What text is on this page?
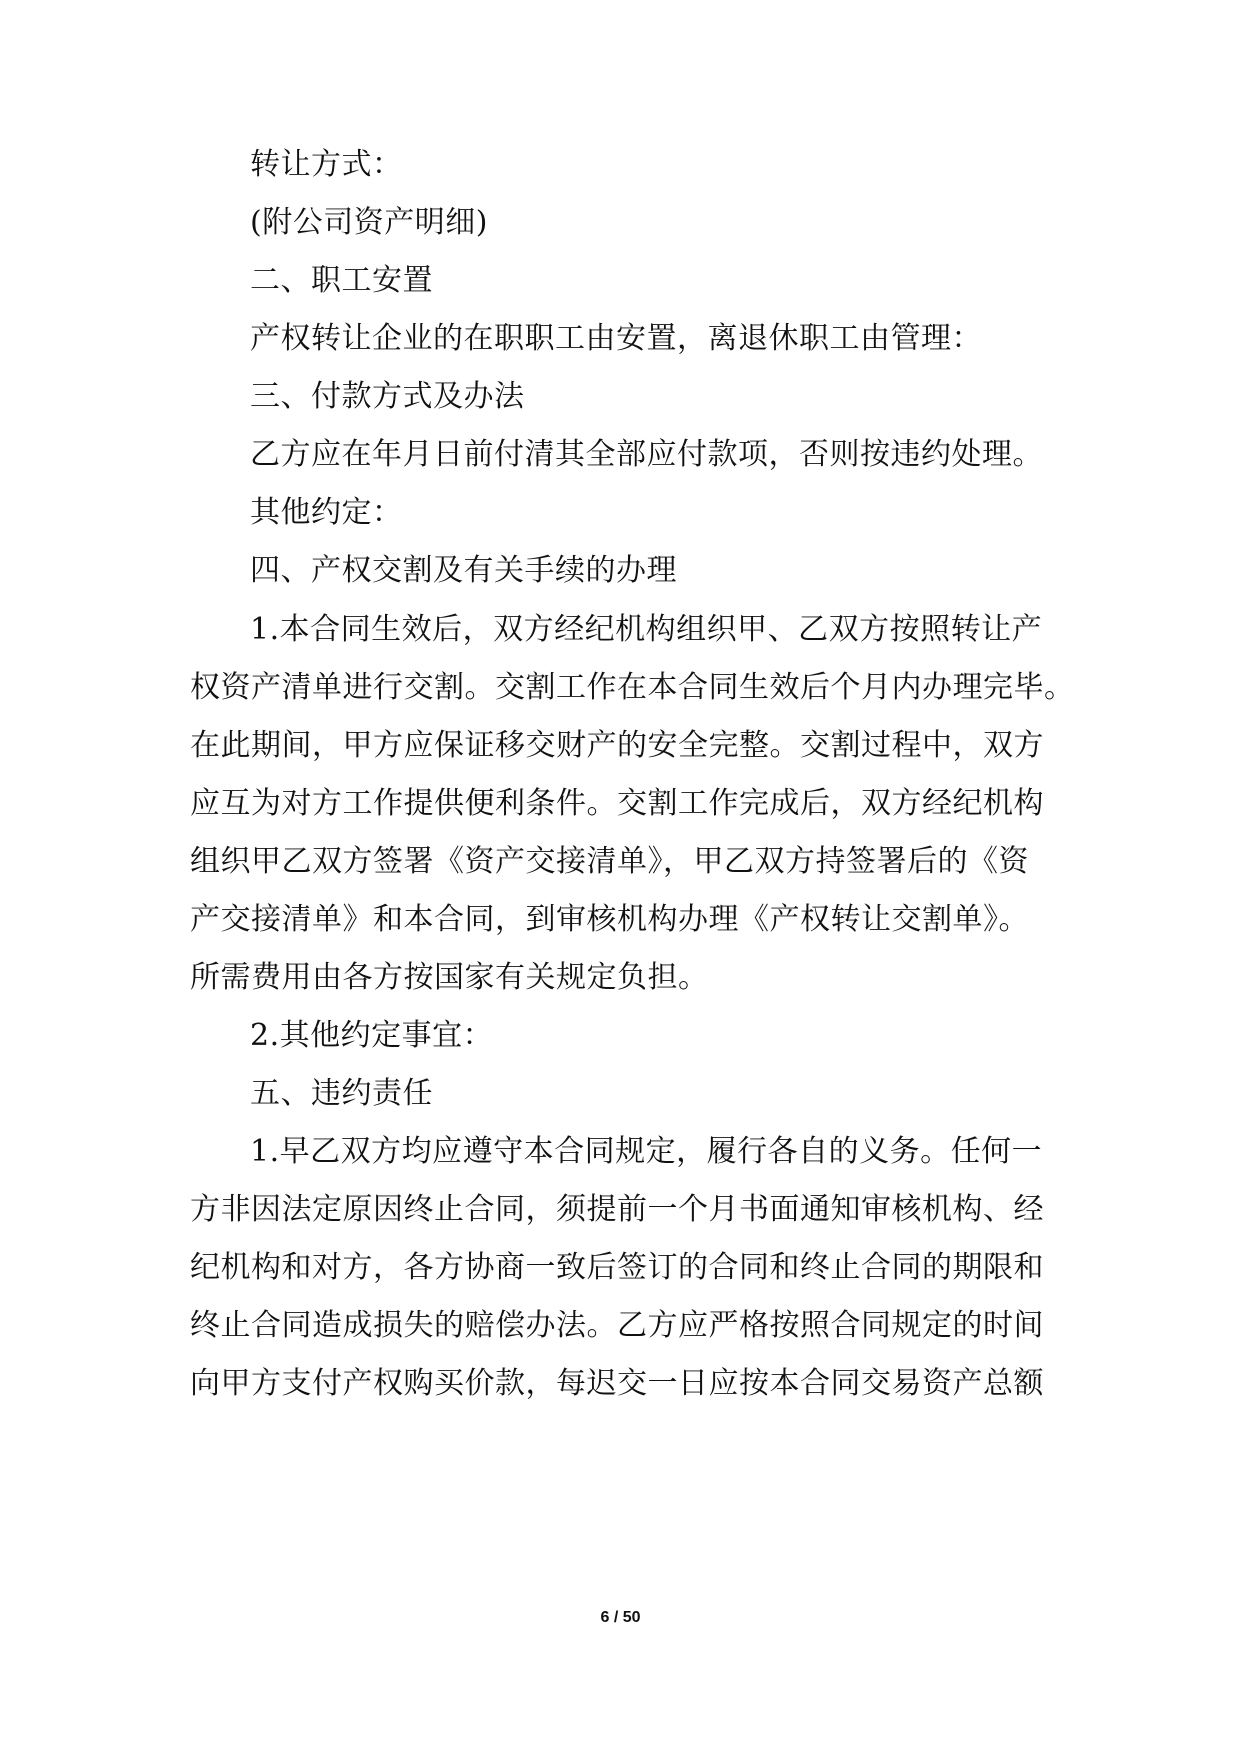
转让方式：
(附公司资产明细)
二、职工安置
产权转让企业的在职职工由安置，离退休职工由管理：
三、付款方式及办法
乙方应在年月日前付清其全部应付款项，否则按违约处理。
其他约定：
四、产权交割及有关手续的办理
1.本合同生效后，双方经纪机构组织甲、乙双方按照转让产
权资产清单进行交割。交割工作在本合同生效后个月内办理完毕。
在此期间，甲方应保证移交财产的安全完整。交割过程中，双方
应互为对方工作提供便利条件。交割工作完成后，双方经纪机构
组织甲乙双方签署《资产交接清单》，甲乙双方持签署后的《资
产交接清单》和本合同，到审核机构办理《产权转让交割单》。
所需费用由各方按国家有关规定负担。
2.其他约定事宜：
五、违约责任
1.早乙双方均应遵守本合同规定，履行各自的义务。任何一
方非因法定原因终止合同，须提前一个月书面通知审核机构、经
纪机构和对方，各方协商一致后签订的合同和终止合同的期限和
终止合同造成损失的赔偿办法。乙方应严格按照合同规定的时间
向甲方支付产权购买价款，每迟交一日应按本合同交易资产总额
6 / 50
